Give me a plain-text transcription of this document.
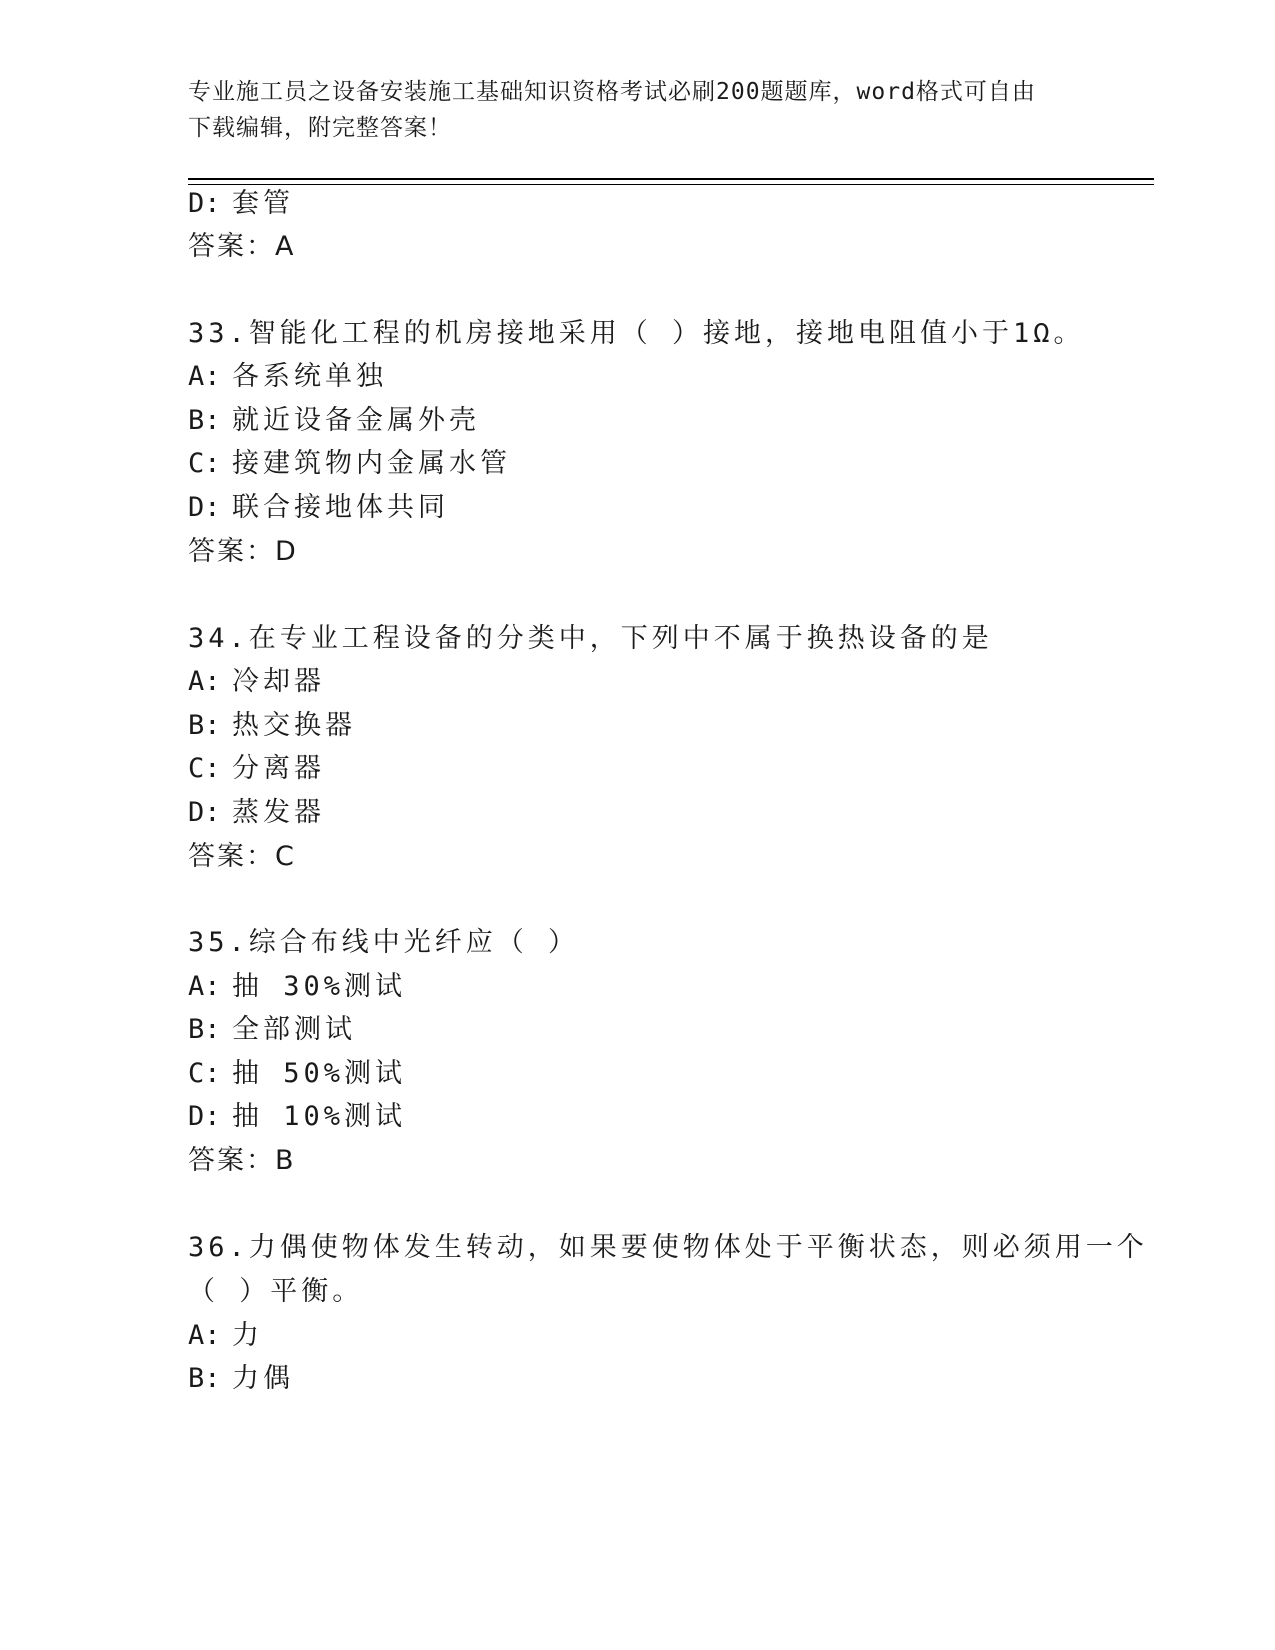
专业施工员之设备安装施工基础知识资格考试必刷200题题库，word格式可自由
下载编辑，附完整答案！
D: 套管
答案：A
33.智能化工程的机房接地采用（ ）接地，接地电阻值小于1Ω。
A: 各系统单独
B: 就近设备金属外壳
C: 接建筑物内金属水管
D: 联合接地体共同
答案：D
34.在专业工程设备的分类中，下列中不属于换热设备的是
A: 冷却器
B: 热交换器
C: 分离器
D: 蒸发器
答案：C
35.综合布线中光纤应（ ）
A: 抽 30%测试
B: 全部测试
C: 抽 50%测试
D: 抽 10%测试
答案：B
36.力偶使物体发生转动，如果要使物体处于平衡状态，则必须用一个
（ ）平衡。
A: 力
B: 力偶
